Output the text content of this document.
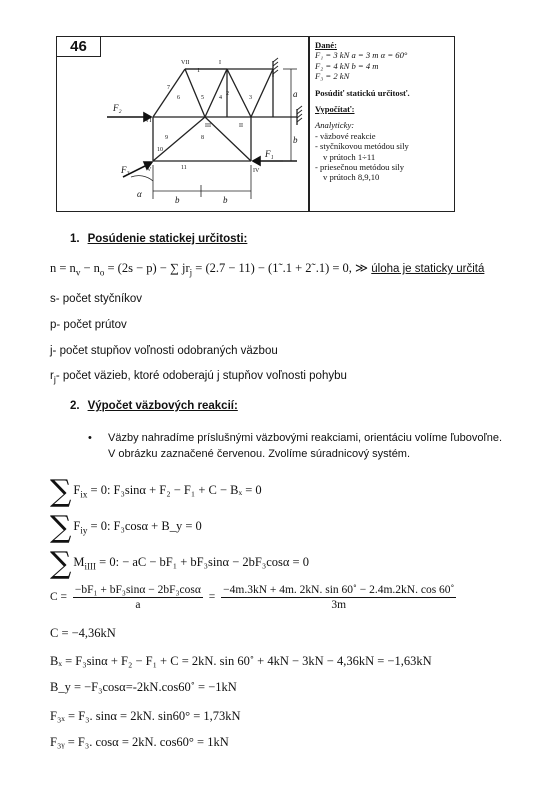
46
VII	I
II
III
IV
V
VI
1
2
3
4
5
6
7
8
9
10
11
F₂
F₃
F₁
a
b
b	b
α
Dané:
F₁ = 3 kN a = 3 m α = 60°
F₂ = 4 kN b = 4 m
F₃ = 2 kN
Posúdiť statickú určitosť.
Vypočítať:
Analyticky:
- väzbové reakcie
- styčníkovou metódou sily
v prútoch 1÷11
- priesečnou metódou sily
v prútoch 8,9,10
1. Posúdenie statickej určitosti:
$n = n_v - n_o = (2s - p)$ − ∑ $jr_j = (2.7 - 11)$ − (1˜.1 + 2˜.1) = 0, ≫ úloha je staticky určitá
s- počet styčníkov
p- počet prútov
j- počet stupňov voľnosti odobraných väzbou
$r_j-$ počet väzieb, ktoré odoberajú j stupňov voľnosti pohybu
2. Výpočet väzbových reakcií:
• Väzby nahradíme príslušnými väzbovými reakciami, orientáciu volíme ľubovoľne. V obrázku zaznačené červenou. Zvolíme súradnicový systém.
∑ $F_{ix} = 0$: F₃sinα + F₂ − F₁ + C − Bₓ = 0
∑ $F_{iy} = 0$: F₃cosα + B_y = 0
∑ $M_{iIII} = 0$: − aC − bF₁ + bF₃sinα − 2bF₃cosα = 0
$C = \frac{\text{−bF₁ + bF₃sinα − 2bF₃cosα}}{a} = \frac{-4m.3kN + 4m. 2kN. \sin 60˚ - 2.4m.2kN. \cos 60˚}{3m}$
C = −4,36kN
Bₓ = F₃sinα + F₂ − F₁ + C = 2kN. sin 60˚ + 4kN − 3kN − 4,36kN = −1,63kN
B_y = −F₃cosα=-2kN.cos60˚ = −1kN
F₃ₓ = F₃. sinα = 2kN. sin60° = 1,73kN
F₃ᵧ = F₃. cosα = 2kN. cos60° = 1kN
